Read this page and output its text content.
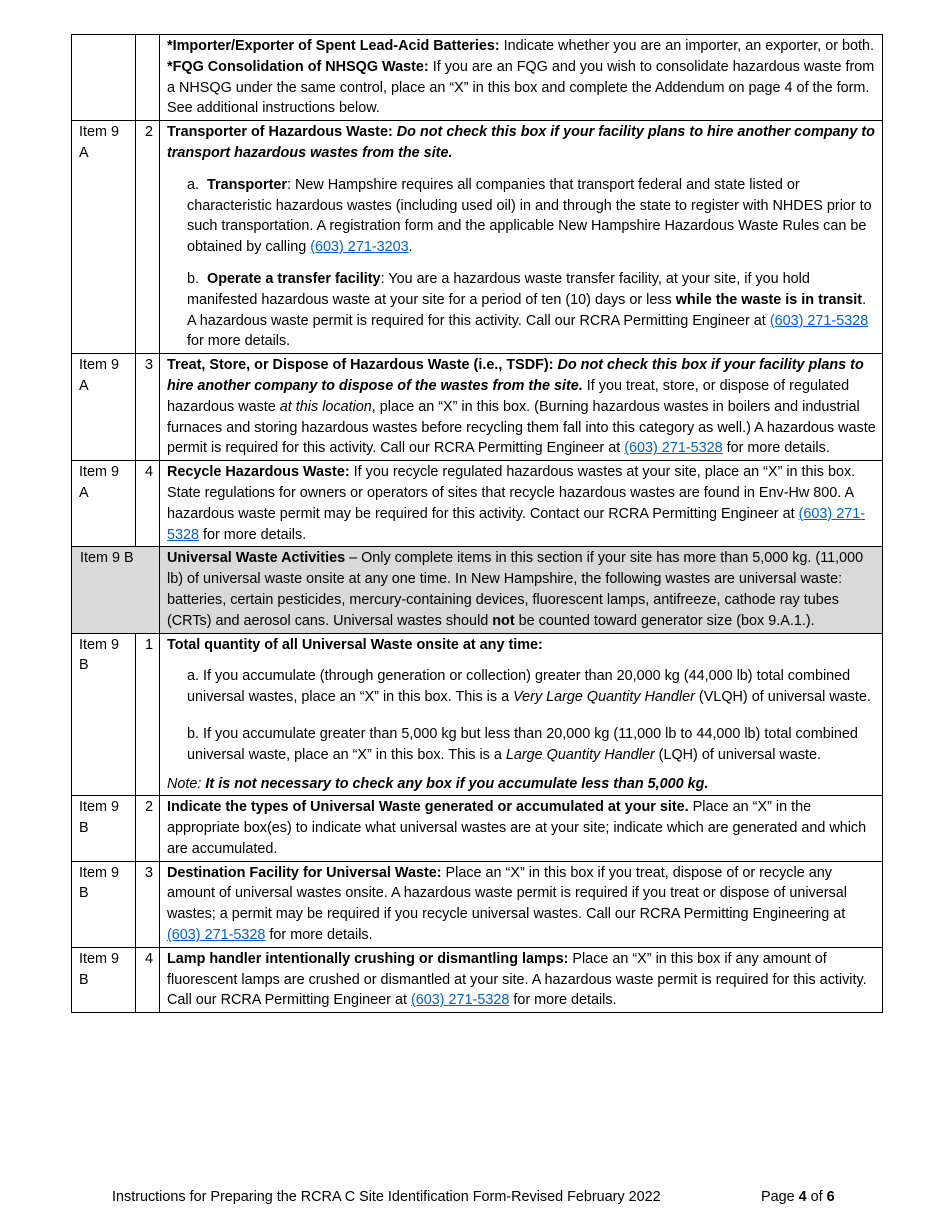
		*Importer/Exporter of Spent Lead-Acid Batteries: Indicate whether you are an importer, an exporter, or both.
*FQG Consolidation of NHSQG Waste: If you are an FQG and you wish to consolidate hazardous waste from a NHSQG under the same control, place an “X” in this box and complete the Addendum on page 4 of the form. See additional instructions below.

Item 9 A	2	Transporter of Hazardous Waste: Do not check this box if your facility plans to hire another company to transport hazardous wastes from the site.
a.  Transporter: New Hampshire requires all companies that transport federal and state listed or characteristic hazardous wastes (including used oil) in and through the state to register with NHDES prior to such transportation. A registration form and the applicable New Hampshire Hazardous Waste Rules can be obtained by calling (603) 271-3203.
b.  Operate a transfer facility: You are a hazardous waste transfer facility, at your site, if you hold manifested hazardous waste at your site for a period of ten (10) days or less while the waste is in transit. A hazardous waste permit is required for this activity. Call our RCRA Permitting Engineer at (603) 271-5328 for more details.

Item 9 A	3	Treat, Store, or Dispose of Hazardous Waste (i.e., TSDF): Do not check this box if your facility plans to hire another company to dispose of the wastes from the site. If you treat, store, or dispose of regulated hazardous waste at this location, place an “X” in this box. (Burning hazardous wastes in boilers and industrial furnaces and storing hazardous wastes before recycling them fall into this category as well.) A hazardous waste permit is required for this activity. Call our RCRA Permitting Engineer at (603) 271-5328 for more details.
Item 9 A	4	Recycle Hazardous Waste: If you recycle regulated hazardous wastes at your site, place an “X” in this box. State regulations for owners or operators of sites that recycle hazardous wastes are found in Env-Hw 800. A hazardous waste permit may be required for this activity. Contact our RCRA Permitting Engineer at (603) 271-5328 for more details.
Item 9 B		Universal Waste Activities – Only complete items in this section if your site has more than 5,000 kg. (11,000 lb) of universal waste onsite at any one time. In New Hampshire, the following wastes are universal waste: batteries, certain pesticides, mercury-containing devices, fluorescent lamps, antifreeze, cathode ray tubes (CRTs) and aerosol cans. Universal wastes should not be counted toward generator size (box 9.A.1.).
Item 9 B	1	Total quantity of all Universal Waste onsite at any time:
a. If you accumulate (through generation or collection) greater than 20,000 kg (44,000 lb) total combined universal wastes, place an “X” in this box. This is a Very Large Quantity Handler (VLQH) of universal waste.
b. If you accumulate greater than 5,000 kg but less than 20,000 kg (11,000 lb to 44,000 lb) total combined universal waste, place an “X” in this box. This is a Large Quantity Handler (LQH) of universal waste.
Note: It is not necessary to check any box if you accumulate less than 5,000 kg.

Item 9 B	2	Indicate the types of Universal Waste generated or accumulated at your site. Place an “X” in the appropriate box(es) to indicate what universal wastes are at your site; indicate which are generated and which are accumulated.
Item 9 B	3	Destination Facility for Universal Waste: Place an “X” in this box if you treat, dispose of or recycle any amount of universal wastes onsite. A hazardous waste permit is required if you treat or dispose of universal wastes; a permit may be required if you recycle universal wastes. Call our RCRA Permitting Engineering at (603) 271-5328 for more details.
Item 9 B	4	Lamp handler intentionally crushing or dismantling lamps: Place an “X” in this box if any amount of fluorescent lamps are crushed or dismantled at your site. A hazardous waste permit is required for this activity. Call our RCRA Permitting Engineer at (603) 271-5328 for more details.
Instructions for Preparing the RCRA C Site Identification Form-Revised February 2022	Page 4 of 6
